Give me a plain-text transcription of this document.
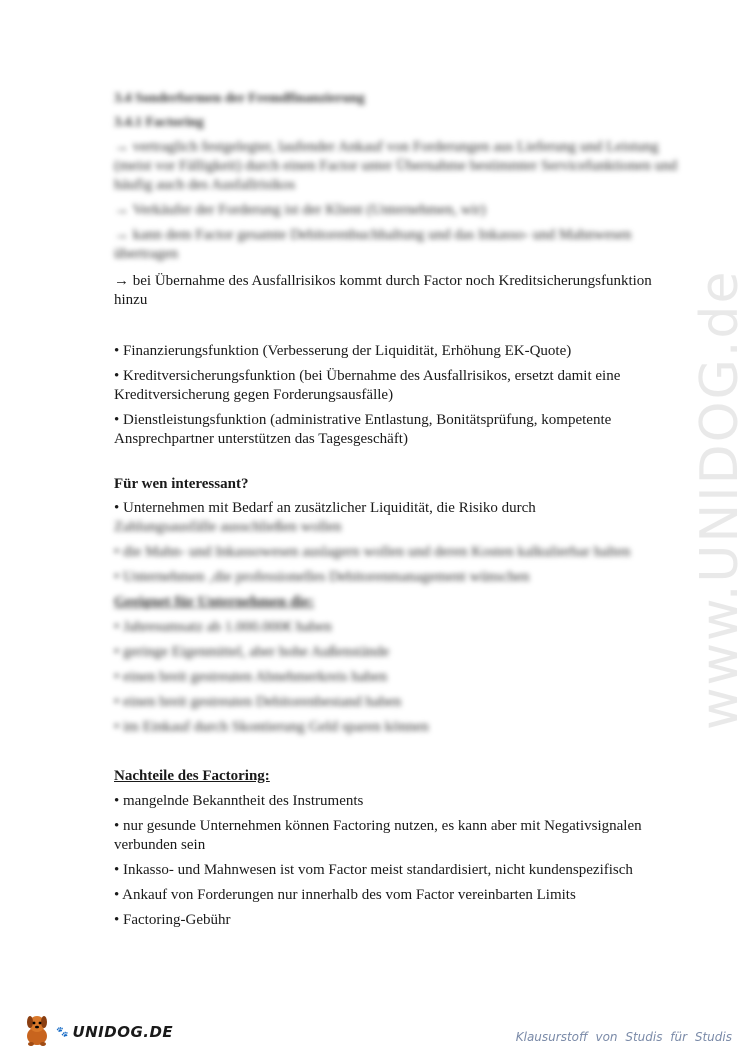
www.UNIDOG.de

3.4 Sonderformen der Fremdfinanzierung

3.4.1 Factoring

→ vertraglich festgelegter, laufender Ankauf von Forderungen aus Lieferung und Leistung (meist vor Fälligkeit) durch einen Factor unter Übernahme bestimmter Servicefunktionen und häufig auch des Ausfallrisikos

→ Verkäufer der Forderung ist der Klient (Unternehmen, wir)

→ kann dem Factor gesamte Debitorenbuchhaltung und das Inkasso- und Mahnwesen übertragen

→ bei Übernahme des Ausfallrisikos kommt durch Factor noch Kreditsicherungsfunktion hinzu

• Finanzierungsfunktion (Verbesserung der Liquidität, Erhöhung EK-Quote)

• Kreditversicherungsfunktion (bei Übernahme des Ausfallrisikos, ersetzt damit eine Kreditversicherung gegen Forderungsausfälle)

• Dienstleistungsfunktion (administrative Entlastung, Bonitätsprüfung, kompetente Ansprechpartner unterstützen das Tagesgeschäft)

Für wen interessant?

• Unternehmen mit Bedarf an zusätzlicher Liquidität, die Risiko durch

Zahlungsausfälle ausschließen wollen

• die Mahn- und Inkassowesen auslagern wollen und deren Kosten kalkulierbar halten

• Unternehmen ‚die professionelles Debitorenmanagement wünschen

Geeignet für Unternehmen die:

• Jahresumsatz ab 1.000.000€ haben

• geringe Eigenmittel, aber hohe Außenstände

• einen breit gestreuten Abnehmerkreis haben

• einen breit gestreuten Debitorenbestand haben

• im Einkauf durch Skontierung Geld sparen können

Nachteile des Factoring:

• mangelnde Bekanntheit des Instruments

• nur gesunde Unternehmen können Factoring nutzen, es kann aber mit Negativsignalen verbunden sein

• Inkasso- und Mahnwesen ist vom Factor meist standardisiert, nicht kundenspezifisch

• Ankauf von Forderungen nur innerhalb des vom Factor vereinbarten Limits

• Factoring-Gebühr

🐾 UNIDOG.DE	Klausurstoff von Studis für Studis
